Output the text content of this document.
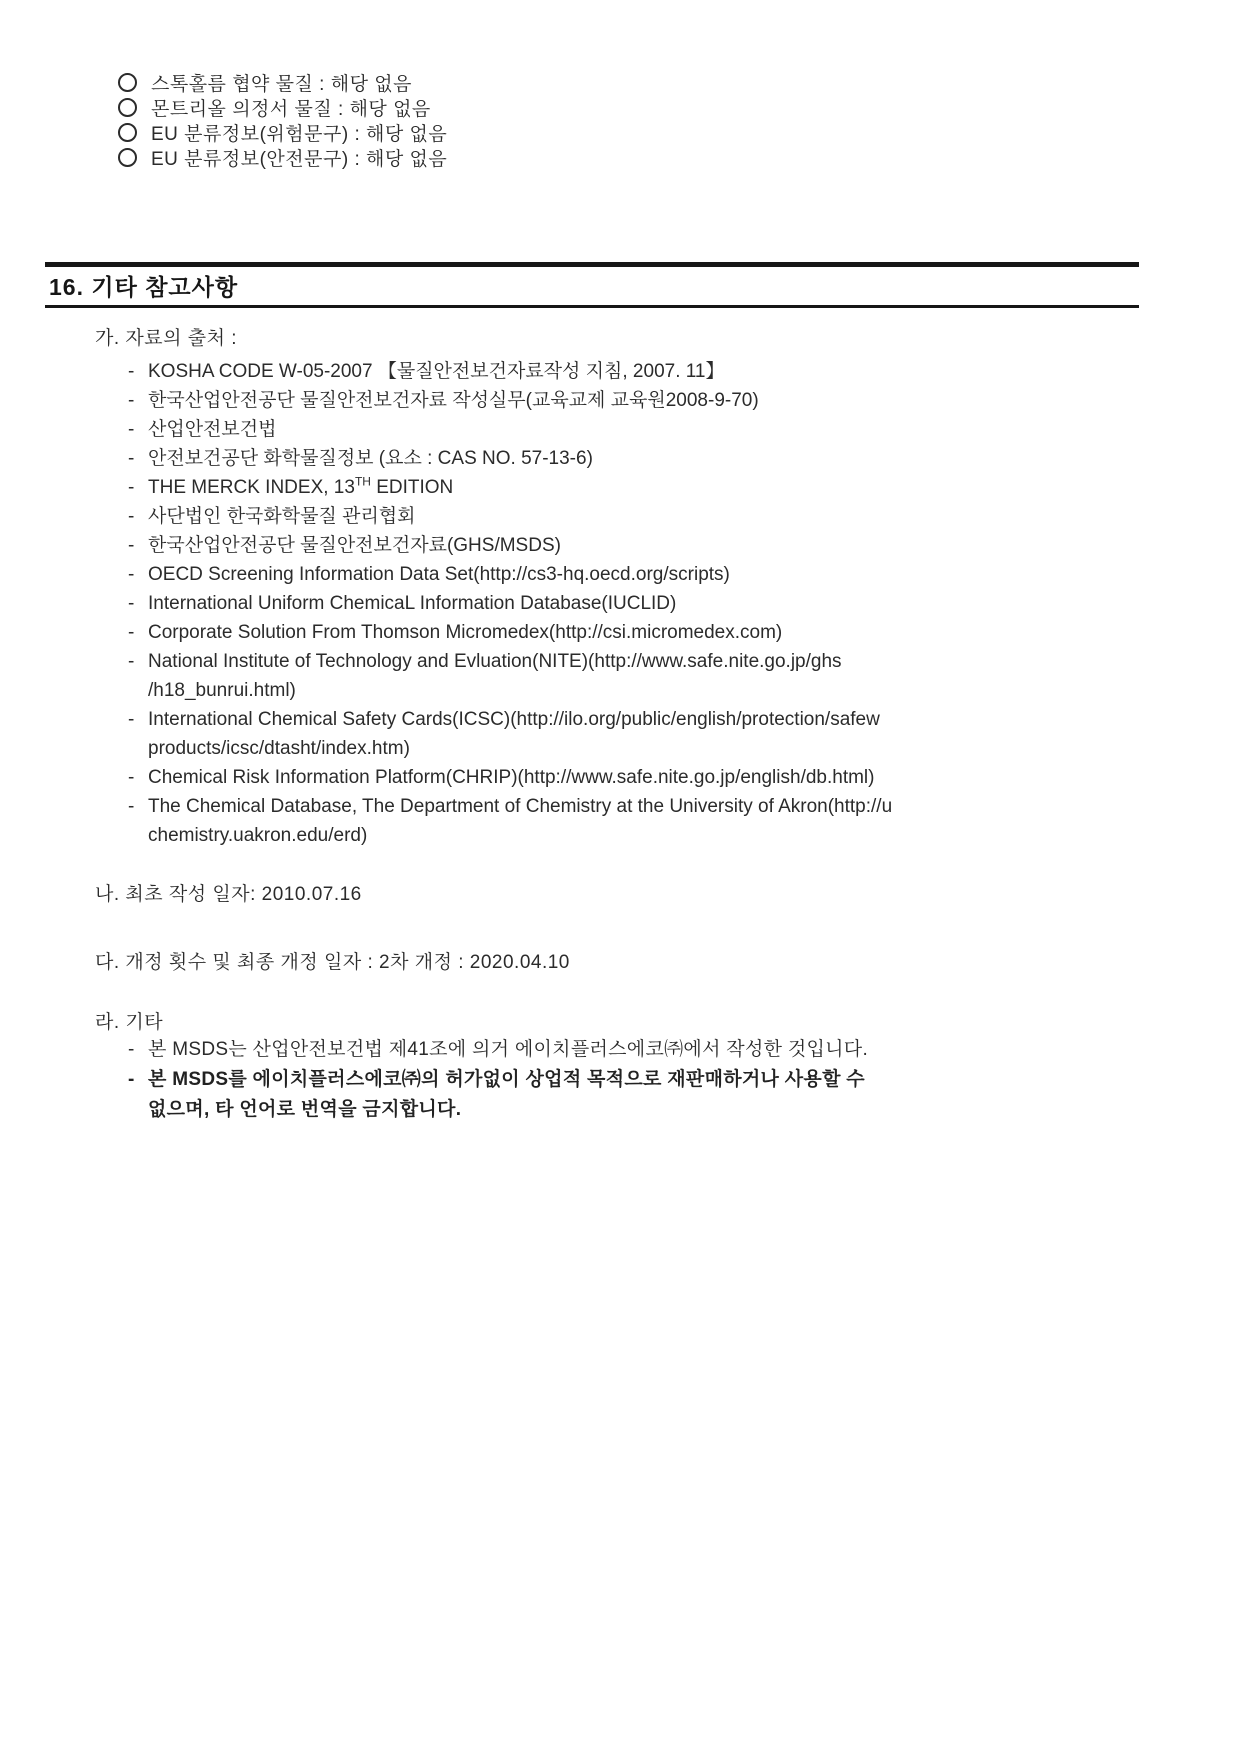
스톡홀름 협약 물질 : 해당 없음
몬트리올 의정서 물질 : 해당 없음
EU 분류정보(위험문구) : 해당 없음
EU 분류정보(안전문구) : 해당 없음
16. 기타 참고사항
가. 자료의 출처 :
- KOSHA CODE W-05-2007 【물질안전보건자료작성 지침, 2007. 11】
- 한국산업안전공단 물질안전보건자료 작성실무(교육교제 교육원2008-9-70)
- 산업안전보건법
- 안전보건공단 화학물질정보 (요소 : CAS NO. 57-13-6)
- THE MERCK INDEX, 13TH EDITION
- 사단법인 한국화학물질 관리협회
- 한국산업안전공단 물질안전보건자료(GHS/MSDS)
- OECD Screening Information Data Set(http://cs3-hq.oecd.org/scripts)
- International Uniform ChemicaL Information Database(IUCLID)
- Corporate Solution From Thomson Micromedex(http://csi.micromedex.com)
- National Institute of Technology and Evluation(NITE)(http://www.safe.nite.go.jp/ghs
/h18_bunrui.html)
- International Chemical Safety Cards(ICSC)(http://ilo.org/public/english/protection/safew
products/icsc/dtasht/index.htm)
- Chemical Risk Information Platform(CHRIP)(http://www.safe.nite.go.jp/english/db.html)
- The Chemical Database, The Department of Chemistry at the University of Akron(http://u
chemistry.uakron.edu/erd)
나. 최초 작성 일자: 2010.07.16
다. 개정 횟수 및 최종 개정 일자 : 2차 개정 : 2020.04.10
라. 기타
- 본 MSDS는 산업안전보건법 제41조에 의거 에이치플러스에코㈜에서 작성한 것입니다.
- 본 MSDS를 에이치플러스에코㈜의 허가없이 상업적 목적으로 재판매하거나 사용할 수
없으며, 타 언어로 번역을 금지합니다.
